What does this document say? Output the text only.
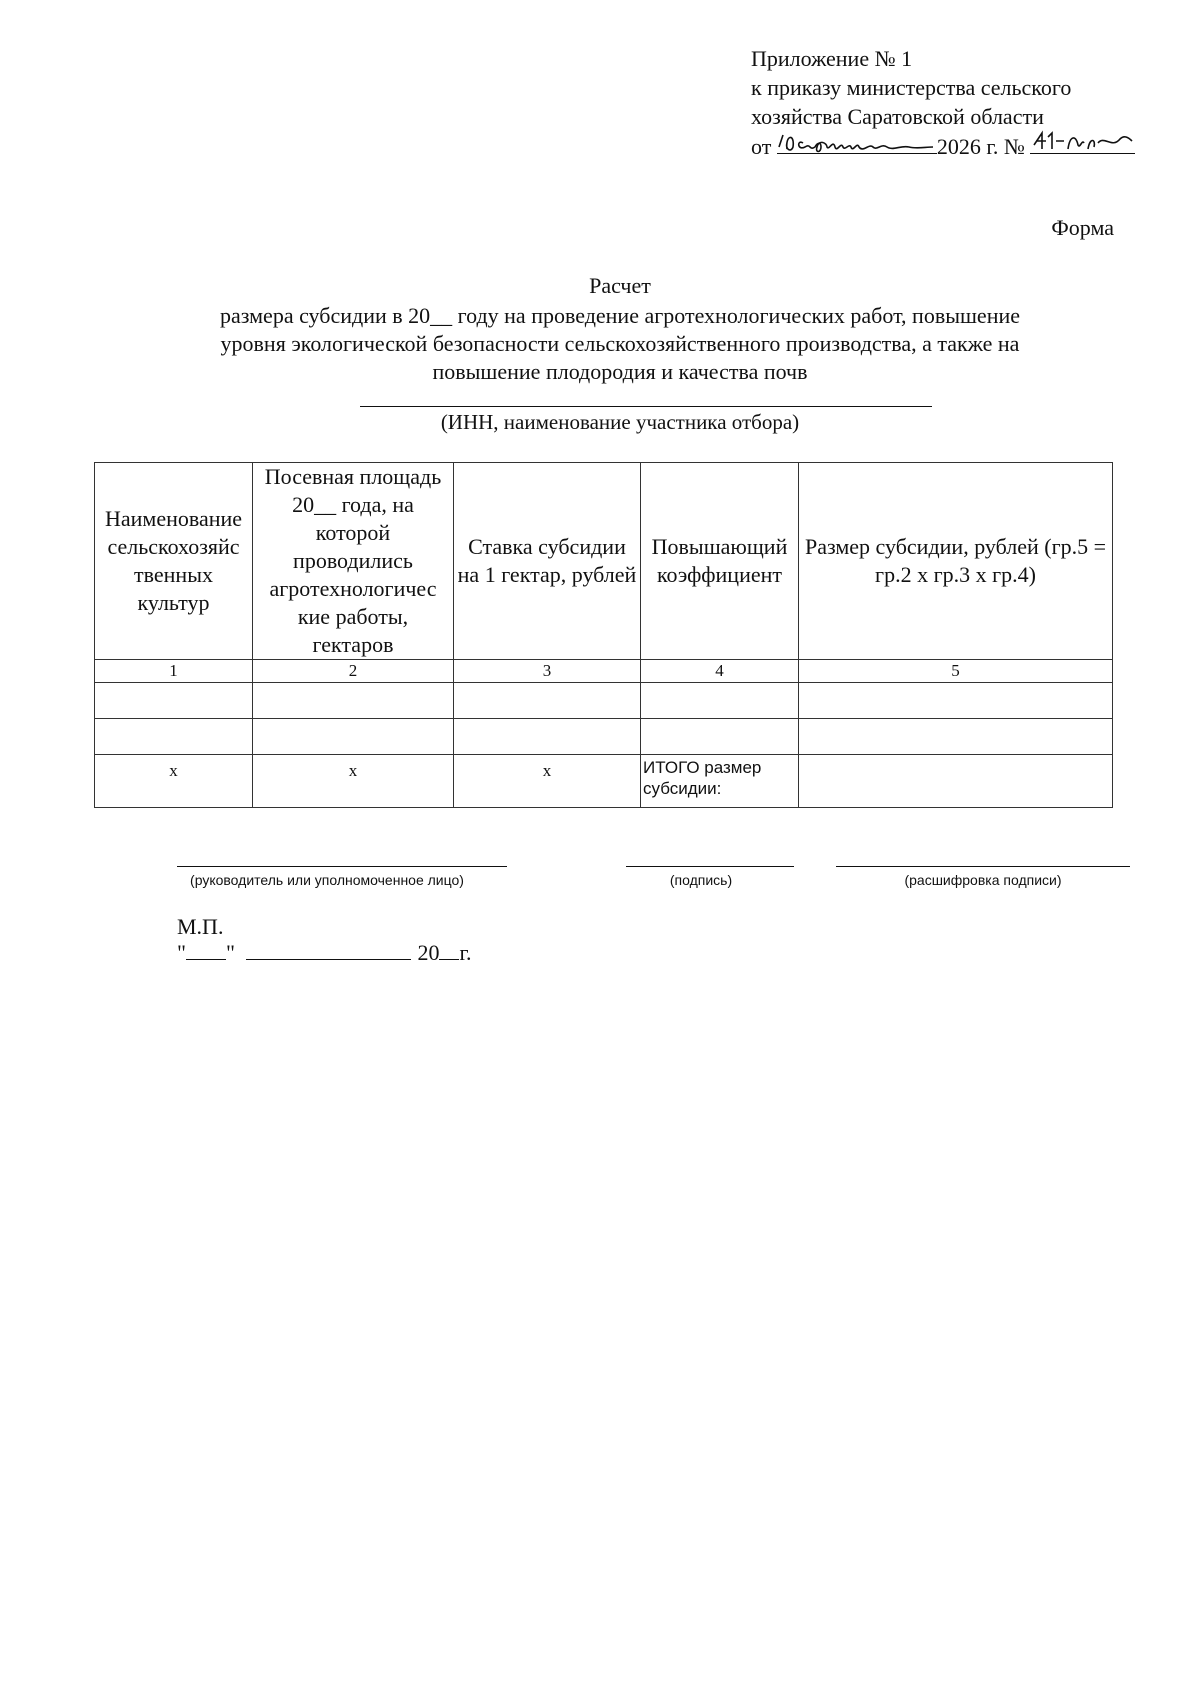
Приложение № 1
к приказу министерства сельского
хозяйства Саратовской области
от	2026 г. №
Форма
Расчет
размера субсидии в 20__ году на проведение агротехнологических работ, повышение
уровня экологической безопасности сельскохозяйственного производства, а также на
повышение плодородия и качества почв
(ИНН, наименование участника отбора)
Наименование сельскохозяйс твенных культур	Посевная площадь 20__ года, на которой проводились агротехнологичес кие работы, гектаров	Ставка субсидии на 1 гектар, рублей	Повышающий коэффициент	Размер субсидии, рублей (гр.5 = гр.2 х гр.3 х гр.4)
1	2	3	4	5

х	х	х	ИТОГО размер субсидии:	
(руководитель или уполномоченное лицо)	(подпись)	(расшифровка подписи)
М.П.
" "	20 г.
